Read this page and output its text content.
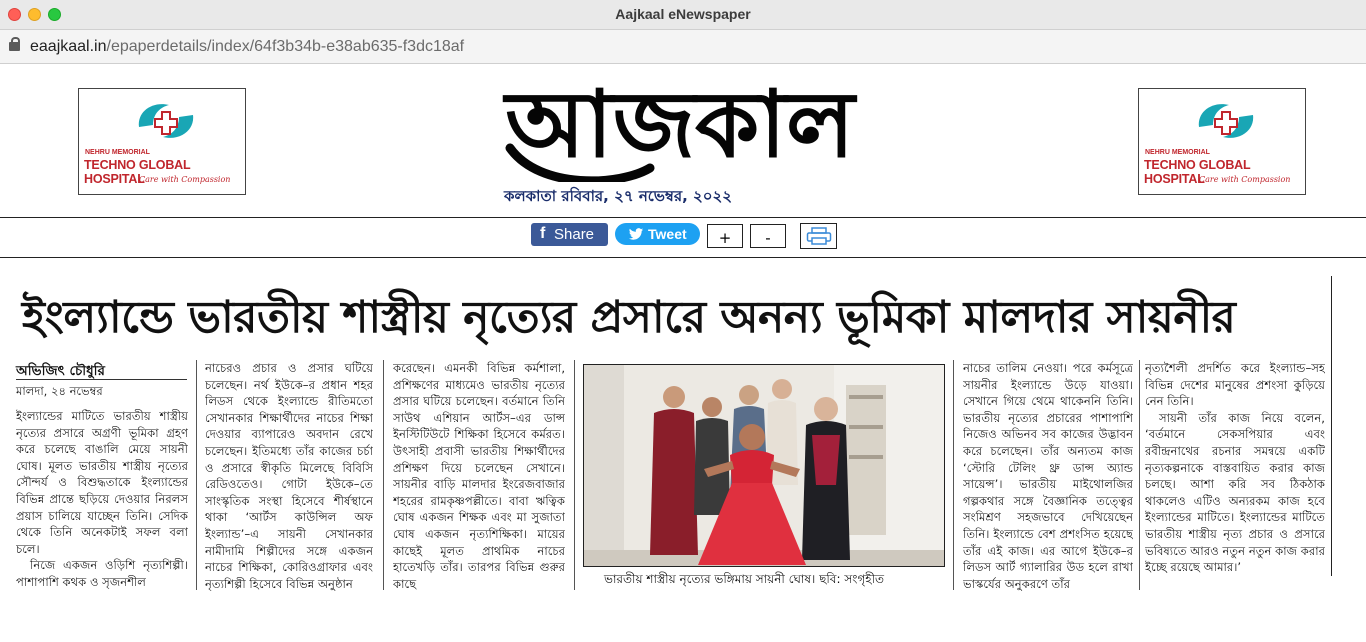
Aajkaal eNewspaper
eaajkaal.in/epaperdetails/index/64f3b34b-e38ab635-f3dc18af
NEHRU MEMORIAL
TECHNO GLOBAL HOSPITAL
Care with Compassion
আজকাল
কলকাতা রবিবার, ২৭ নভেম্বর, ২০২২
NEHRU MEMORIAL
TECHNO GLOBAL HOSPITAL
Care with Compassion
f Share	Tweet	+	-
ইংল্যান্ডে ভারতীয় শাস্ত্রীয় নৃত্যের প্রসারে অনন্য ভূমিকা মালদার সায়নীর
অভিজিৎ চৌধুরি
মালদা, ২৪ নভেম্বর

ইংল্যান্ডের মাটিতে ভারতীয় শাস্ত্রীয় নৃত্যের প্রসারে অগ্রণী ভূমিকা গ্রহণ করে চলেছে বাঙালি মেয়ে সায়নী ঘোষ। মূলত ভারতীয় শাস্ত্রীয় নৃত্যের সৌন্দর্য ও বিশুদ্ধতাকে ইংল্যান্ডের বিভিন্ন প্রান্তে ছড়িয়ে দেওয়ার নিরলস প্রয়াস চালিয়ে যাচ্ছেন তিনি। সেদিক থেকে তিনি অনেকটাই সফল বলা চলে।

নিজে একজন ওড়িশি নৃত্যশিল্পী। পাশাপাশি কথক ও সৃজনশীল

নাচেরও প্রচার ও প্রসার ঘটিয়ে চলেছেন। নর্থ ইউকে–র প্রধান শহর লিডস থেকে ইংল্যান্ডে রীতিমতো সেখানকার শিক্ষার্থীদের নাচের শিক্ষা দেওয়ার ব্যাপারেও অবদান রেখে চলেছেন। ইতিমধ্যে তাঁর কাজের চর্চা ও প্রসারে স্বীকৃতি মিলেছে বিবিসি রেডিওতেও। গোটা ইউকে–তে সাংস্কৃতিক সংস্থা হিসেবে শীর্ষস্থানে থাকা ‘আর্টস কাউন্সিল অফ ইংল্যান্ড’–এ সায়নী সেখানকার নামীদামি শিল্পীদের সঙ্গে একজন নাচের শিক্ষিকা, কোরিওগ্রাফার এবং নৃত্যশিল্পী হিসেবে বিভিন্ন অনুষ্ঠান

করেছেন। এমনকী বিভিন্ন কর্মশালা, প্রশিক্ষণের মাধ্যমেও ভারতীয় নৃত্যের প্রসার ঘটিয়ে চলেছেন। বর্তমানে তিনি সাউথ এশিয়ান আর্টস–এর ডান্স ইনস্টিটিউটে শিক্ষিকা হিসেবে কর্মরত। উৎসাহী প্রবাসী ভারতীয় শিক্ষার্থীদের প্রশিক্ষণ দিয়ে চলেছেন সেখানে। সায়নীর বাড়ি মালদার ইংরেজবাজার শহরের রামকৃষ্ণপল্লীতে। বাবা ঋত্বিক ঘোষ একজন শিক্ষক এবং মা সুজাতা ঘোষ একজন নৃত্যশিক্ষিকা। মায়ের কাছেই মূলত প্রাথমিক নাচের হাতেখড়ি তাঁর। তারপর বিভিন্ন গুরুর কাছে	ভারতীয় শাস্ত্রীয় নৃত্যের ভঙ্গিমায় সায়নী ঘোষ। ছবি: সংগৃহীত

নাচের তালিম নেওয়া। পরে কর্মসূত্রে সায়নীর ইংল্যান্ডে উড়ে যাওয়া। সেখানে গিয়ে থেমে থাকেননি তিনি। ভারতীয় নৃত্যের প্রচারের পাশাপাশি নিজেও অভিনব সব কাজের উদ্ভাবন করে চলেছেন। তাঁর অন্যতম কাজ ‘স্টোরি টেলিং থ্রু ডান্স অ্যান্ড সায়েন্স’। ভারতীয় মাইথোলজির গল্পকথার সঙ্গে বৈজ্ঞানিক তত্ত্বের সংমিশ্রণ সহজভাবে দেখিয়েছেন তিনি। ইংল্যান্ডে বেশ প্রশংসিত হয়েছে তাঁর এই কাজ। এর আগে ইউকে–র লিডস আর্ট গ্যালারির উড হলে রাখা ভাস্কর্যের অনুকরণে তাঁর

নৃত্যশৈলী প্রদর্শিত করে ইংল্যান্ড–সহ বিভিন্ন দেশের মানুষের প্রশংসা কুড়িয়ে নেন তিনি।

সায়নী তাঁর কাজ নিয়ে বলেন, ‘বর্তমানে সেকসপিয়ার এবং রবীন্দ্রনাথের রচনার সমন্বয়ে একটি নৃত্যকল্পনাকে বাস্তবায়িত করার কাজ চলছে। আশা করি সব ঠিকঠাক থাকলেও এটিও অন্যরকম কাজ হবে ইংল্যান্ডের মাটিতে। ইংল্যান্ডের মাটিতে ভারতীয় শাস্ত্রীয় নৃত্য প্রচার ও প্রসারে ভবিষ্যতে আরও নতুন নতুন কাজ করার ইচ্ছে রয়েছে আমার।’
